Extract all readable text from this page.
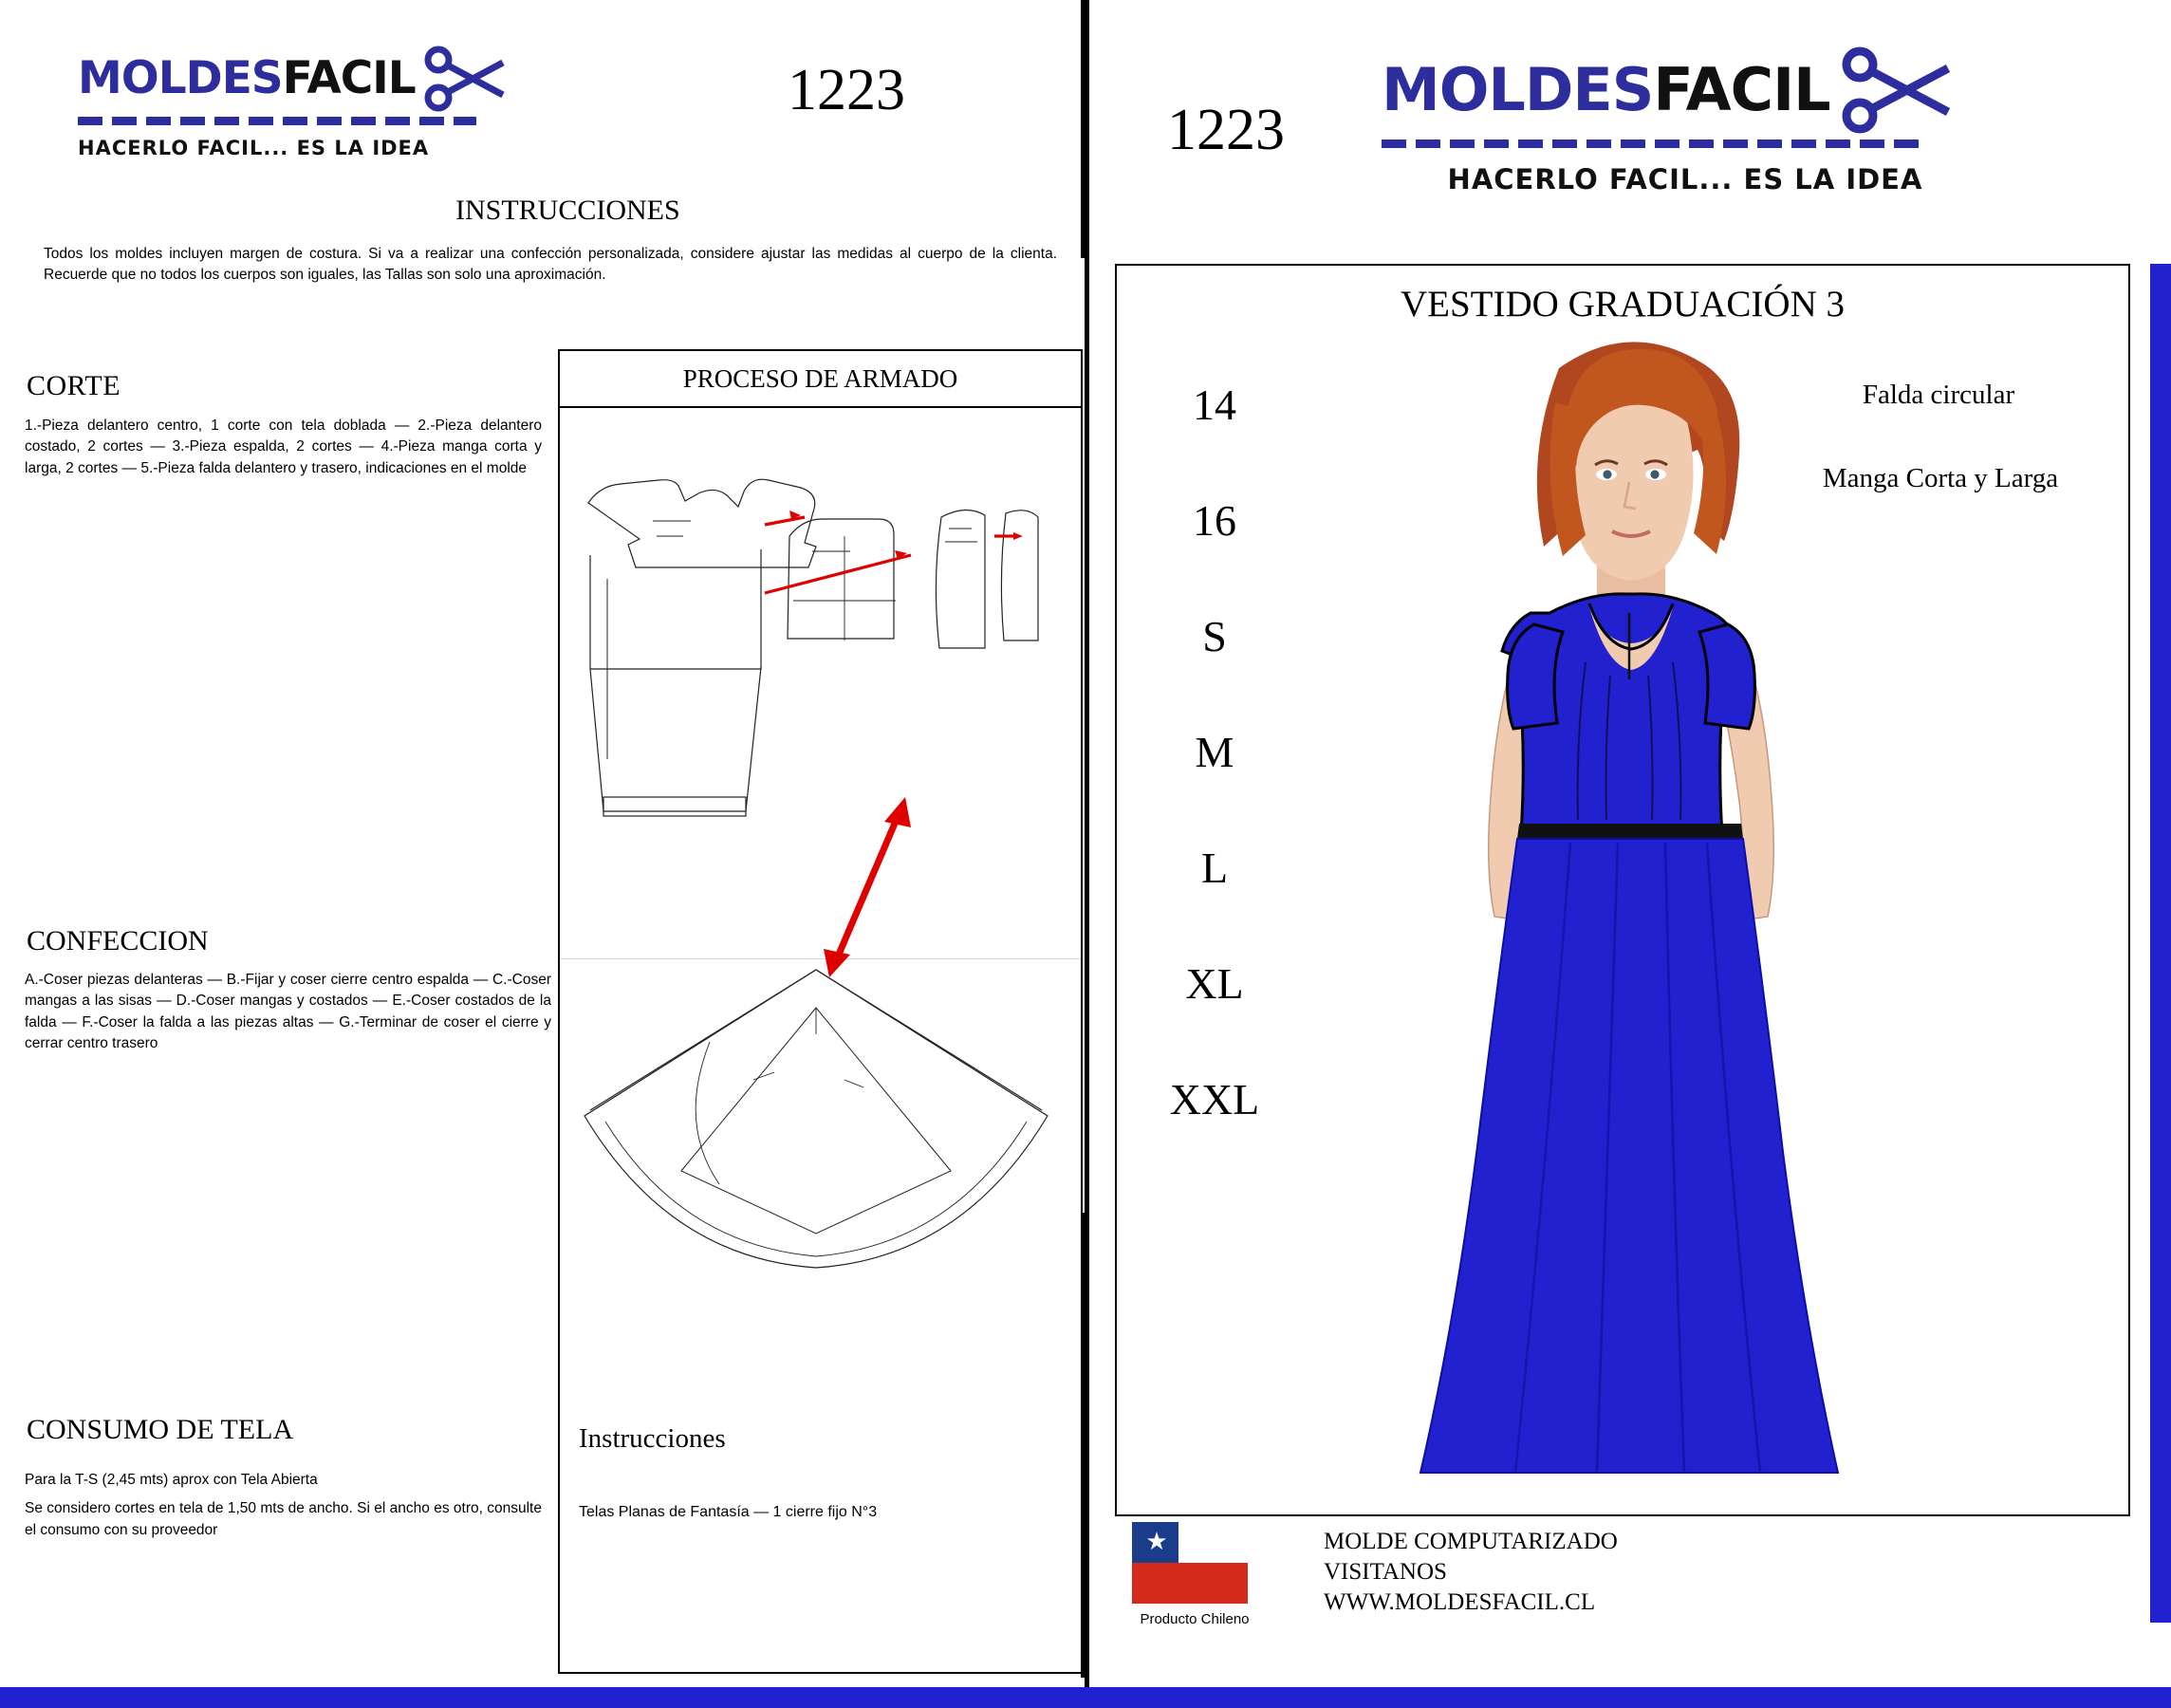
MOLDESFACIL
HACERLO FACIL... ES LA IDEA
1223
INSTRUCCIONES
Todos los moldes incluyen margen de costura. Si va a realizar una confección personalizada, considere ajustar las medidas al cuerpo de la clienta. Recuerde que no todos los cuerpos son iguales, las Tallas son solo una aproximación.
CORTE
1.-Pieza delantero centro, 1 corte con tela doblada — 2.-Pieza delantero costado, 2 cortes — 3.-Pieza espalda, 2 cortes — 4.-Pieza manga corta y larga, 2 cortes — 5.-Pieza falda delantero y trasero, indicaciones en el molde
CONFECCION
A.-Coser piezas delanteras — B.-Fijar y coser cierre centro espalda — C.-Coser mangas a las sisas — D.-Coser mangas y costados — E.-Coser costados de la falda — F.-Coser la falda a las piezas altas — G.-Terminar de coser el cierre y cerrar centro trasero
CONSUMO DE TELA
Para la T-S (2,45 mts) aprox con Tela Abierta
Se considero cortes en tela de 1,50 mts de ancho. Si el ancho es otro, consulte el consumo con su proveedor
PROCESO DE ARMADO
Instrucciones
Telas Planas de Fantasía — 1 cierre fijo N°3
1223
MOLDESFACIL
HACERLO FACIL... ES LA IDEA
VESTIDO GRADUACIÓN 3
14
16
S
M
L
XL
XXL
Falda circular
Manga Corta y Larga
★
Producto Chileno
MOLDE COMPUTARIZADO
VISITANOS
WWW.MOLDESFACIL.CL
